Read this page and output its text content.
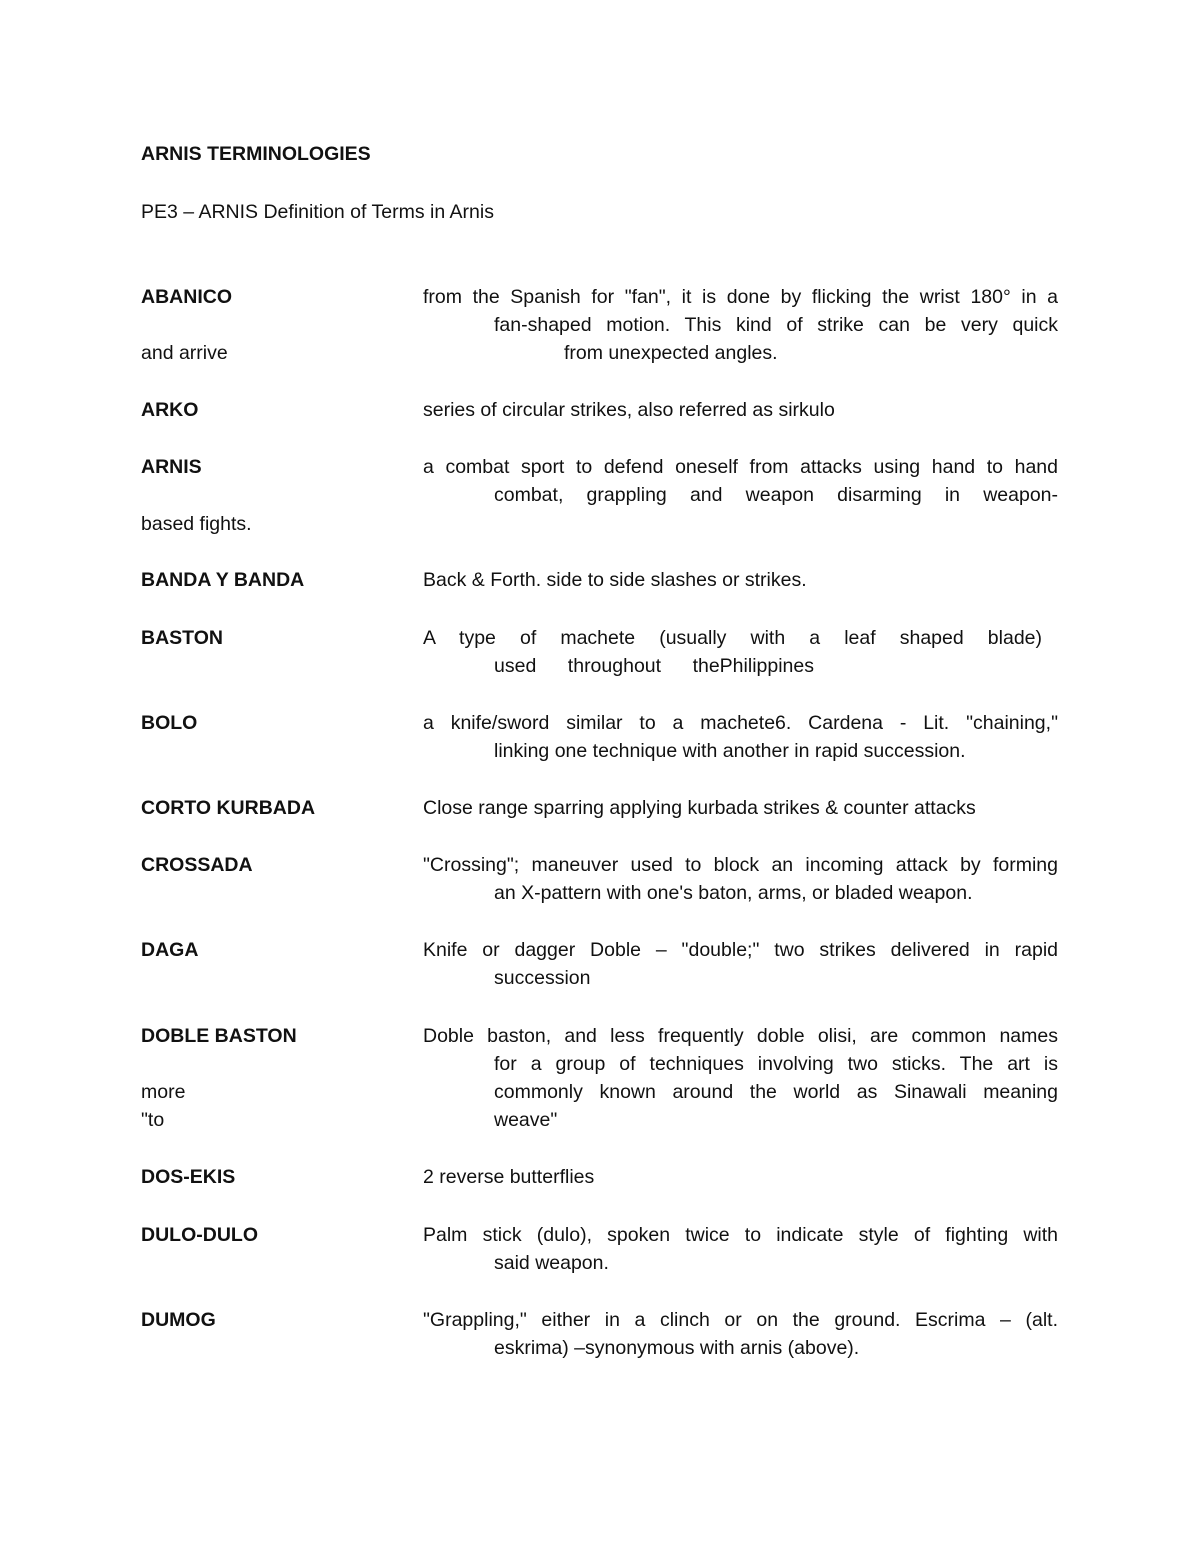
ARNIS TERMINOLOGIES
PE3 – ARNIS Definition of Terms in Arnis
ABANICO	from the Spanish for "fan", it is done by flicking the wrist 180° in a
fan-shaped motion. This kind of strike can be very quick
and arrive	from unexpected angles.
ARKO	series of circular strikes, also referred as sirkulo
ARNIS	a combat sport to defend oneself from attacks using hand to hand
combat, grappling and weapon disarming in weapon-
based fights.
BANDA Y BANDA	Back & Forth. side to side slashes or strikes.
BASTON	A type of machete (usually with a leaf shaped blade)
used throughout thePhilippines
BOLO	a knife/sword similar to a machete6. Cardena - Lit. "chaining,"
linking one technique with another in rapid succession.
CORTO KURBADA	Close range sparring applying kurbada strikes & counter attacks
CROSSADA	"Crossing"; maneuver used to block an incoming attack by forming
an X-pattern with one's baton, arms, or bladed weapon.
DAGA	Knife or dagger Doble – "double;" two strikes delivered in rapid
succession
DOBLE BASTON	Doble baston, and less frequently doble olisi, are common names
for a group of techniques involving two sticks. The art is
more	commonly known around the world as Sinawali meaning
"to	weave"
DOS-EKIS	2 reverse butterflies
DULO-DULO	Palm stick (dulo), spoken twice to indicate style of fighting with
said weapon.
DUMOG	"Grappling," either in a clinch or on the ground. Escrima – (alt.
eskrima) –synonymous with arnis (above).
